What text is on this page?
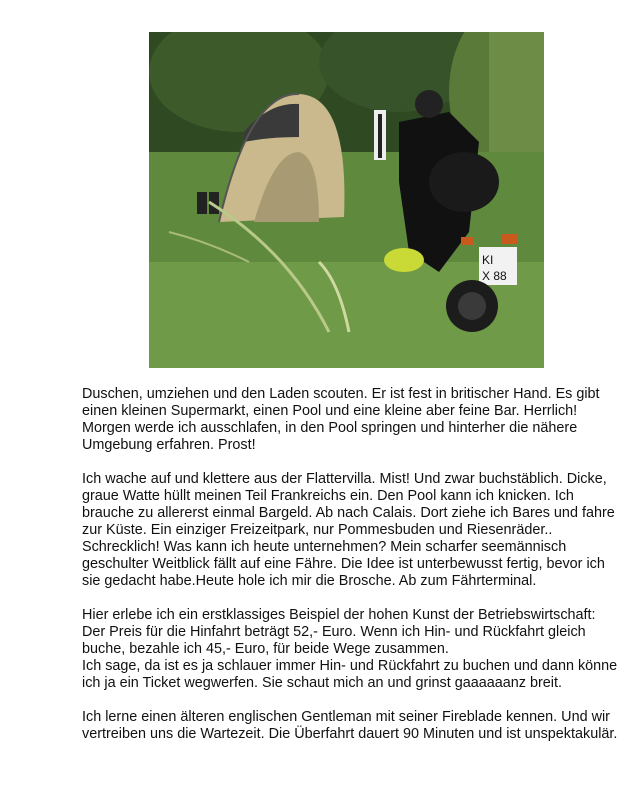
KI
X 88

Duschen, umziehen und den Laden scouten. Er ist fest in britischer Hand. Es gibt
einen kleinen Supermarkt, einen Pool und eine kleine aber feine Bar. Herrlich!
Morgen werde ich ausschlafen, in den Pool springen und hinterher die nähere
Umgebung erfahren. Prost!

Ich wache auf und klettere aus der Flattervilla. Mist! Und zwar buchstäblich. Dicke,
graue Watte hüllt meinen Teil Frankreichs ein. Den Pool kann ich knicken. Ich
brauche zu allererst einmal Bargeld. Ab nach Calais. Dort ziehe ich Bares und fahre
zur Küste. Ein einziger Freizeitpark, nur Pommesbuden und Riesenräder..
Schrecklich! Was kann ich heute unternehmen? Mein scharfer seemännisch
geschulter Weitblick fällt auf eine Fähre. Die Idee ist unterbewusst fertig, bevor ich
sie gedacht habe.Heute hole ich mir die Brosche. Ab zum Fährterminal.

Hier erlebe ich ein erstklassiges Beispiel der hohen Kunst der Betriebswirtschaft:
Der Preis für die Hinfahrt beträgt 52,- Euro. Wenn ich Hin- und Rückfahrt gleich
buche, bezahle ich 45,- Euro, für beide Wege zusammen.
Ich sage, da ist es ja schlauer immer Hin- und Rückfahrt zu buchen und dann könne
ich ja ein Ticket wegwerfen. Sie schaut mich an und grinst gaaaaaanz breit.

Ich lerne einen älteren englischen Gentleman mit seiner Fireblade kennen. Und wir
vertreiben uns die Wartezeit. Die Überfahrt dauert 90 Minuten und ist unspektakulär.
